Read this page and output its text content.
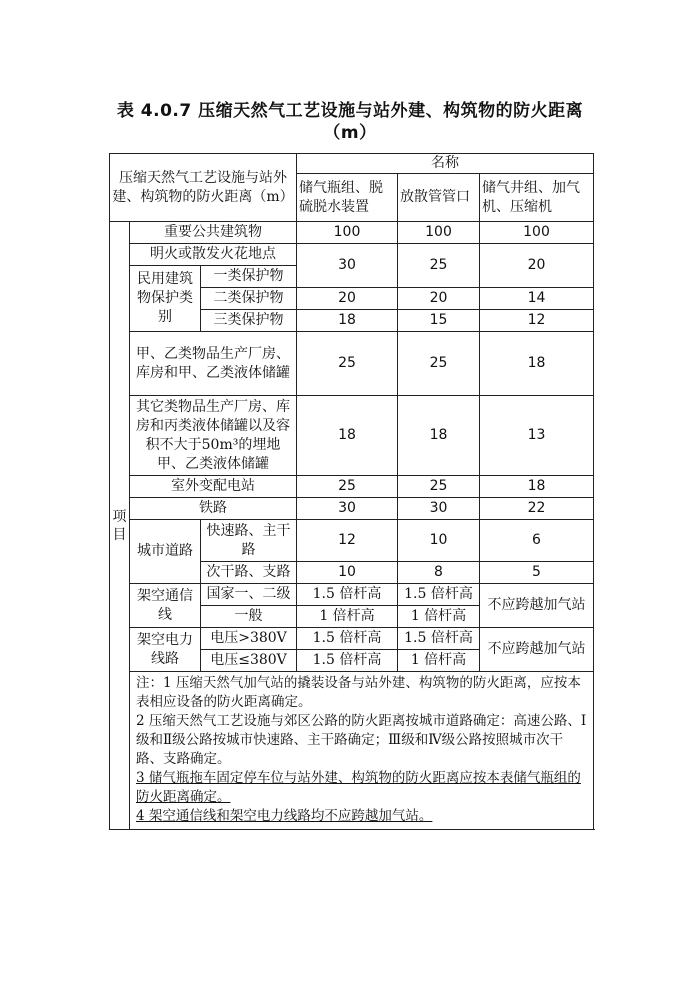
表 4.0.7 压缩天然气工艺设施与站外建、构筑物的防火距离
（m）
压缩天然气工艺设施与站外建、构筑物的防火距离（m）			名称		
			储气瓶组、脱硫脱水装置	放散管管口	储气井组、加气机、压缩机

项目	重要公共建筑物		100	100	100
	明火或散发火花地点		30	25	20
	民用建筑物保护类别	一类保护物			
		二类保护物	20	20	14
		三类保护物	18	15	12
	甲、乙类物品生产厂房、库房和甲、乙类液体储罐		25	25	18
	其它类物品生产厂房、库房和丙类液体储罐以及容积不大于50m³的埋地甲、乙类液体储罐		18	18	13
	室外变配电站		25	25	18
	铁路		30	30	22
	城市道路	快速路、主干路	12	10	6
		次干路、支路	10	8	5
	架空通信线	国家一、二级	1.5 倍杆高	1.5 倍杆高	不应跨越加气站
		一般	1 倍杆高	1 倍杆高	
	架空电力线路	电压>380V	1.5 倍杆高	1.5 倍杆高	不应跨越加气站
		电压≤380V	1.5 倍杆高	1 倍杆高	

	注：1 压缩天然气加气站的撬装设备与站外建、构筑物的防火距离，应按本表相应设备的防火距离确定。
2 压缩天然气工艺设施与郊区公路的防火距离按城市道路确定：高速公路、Ⅰ级和Ⅱ级公路按城市快速路、主干路确定；Ⅲ级和Ⅳ级公路按照城市次干路、支路确定。
3 储气瓶拖车固定停车位与站外建、构筑物的防火距离应按本表储气瓶组的防火距离确定。
4 架空通信线和架空电力线路均不应跨越加气站。				
